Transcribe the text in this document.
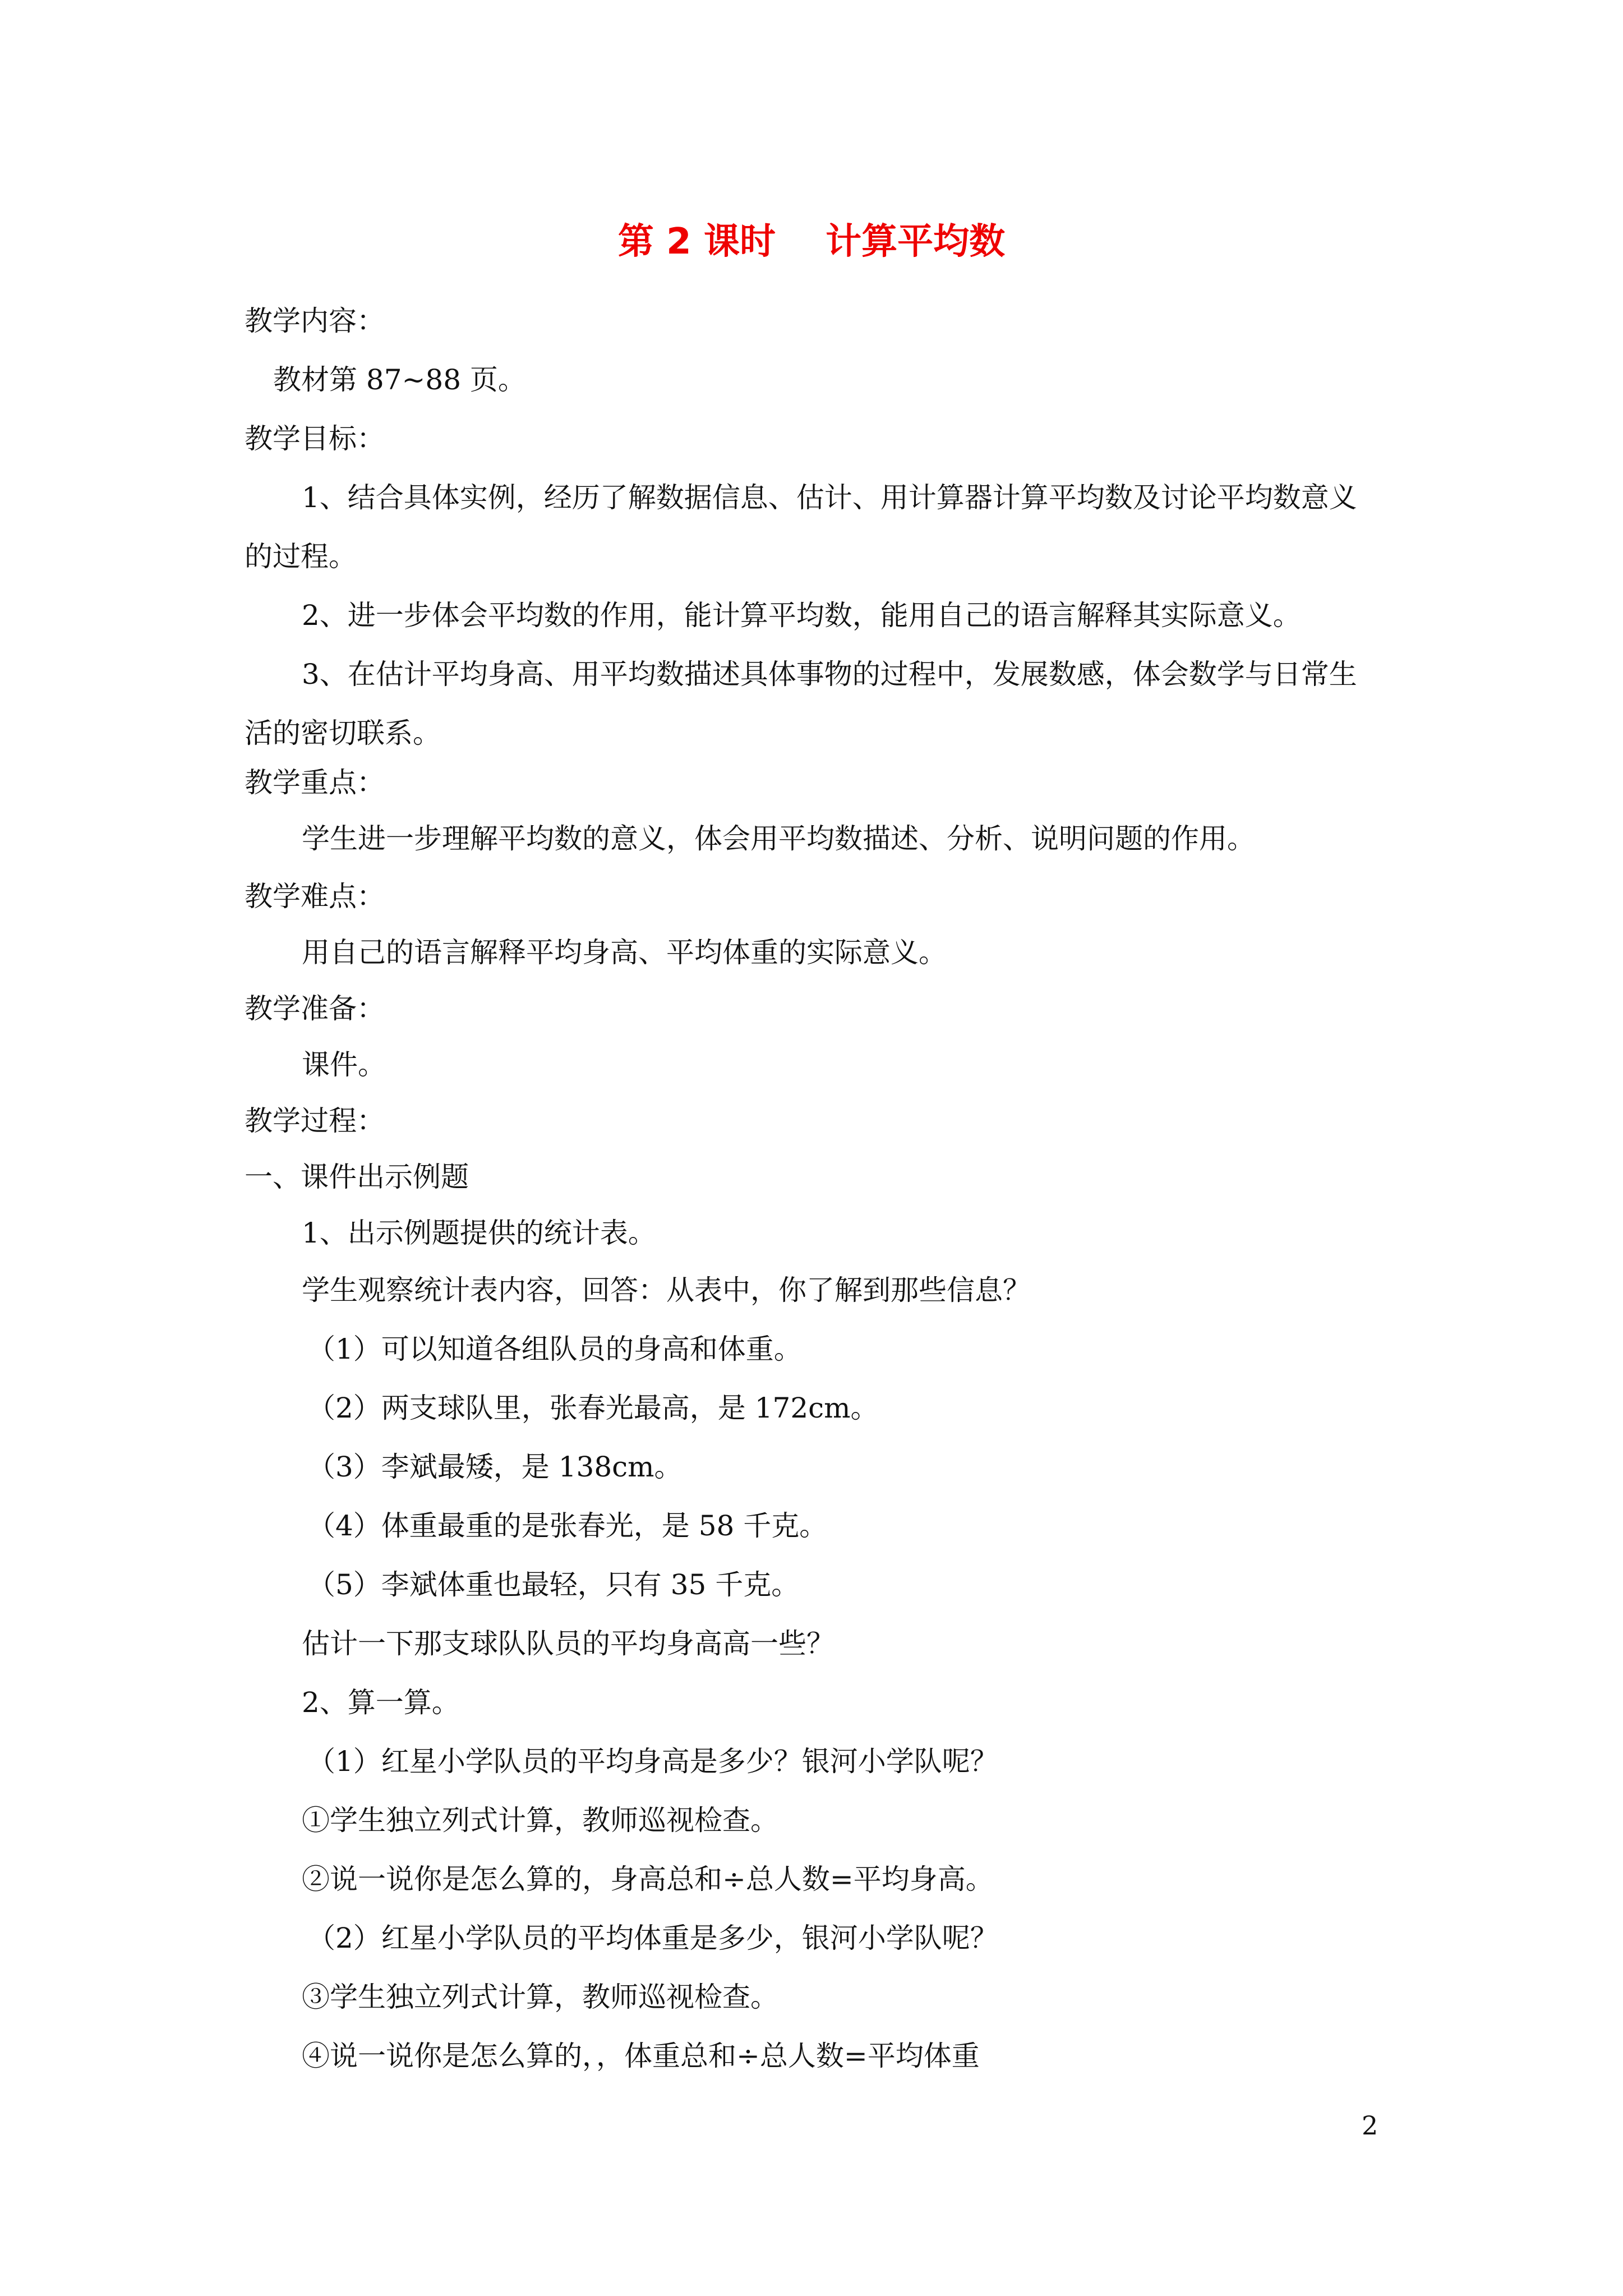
第 2 课时    计算平均数
教学内容：
教材第 87~88 页。
教学目标：
1、结合具体实例，经历了解数据信息、估计、用计算器计算平均数及讨论平均数意义
的过程。
2、进一步体会平均数的作用，能计算平均数，能用自己的语言解释其实际意义。
3、在估计平均身高、用平均数描述具体事物的过程中，发展数感，体会数学与日常生
活的密切联系。
教学重点：
学生进一步理解平均数的意义，体会用平均数描述、分析、说明问题的作用。
教学难点：
用自己的语言解释平均身高、平均体重的实际意义。
教学准备：
课件。
教学过程：
一、课件出示例题
1、出示例题提供的统计表。
学生观察统计表内容，回答：从表中，你了解到那些信息？
（1）可以知道各组队员的身高和体重。
（2）两支球队里，张春光最高，是 172cm。
（3）李斌最矮，是 138cm。
（4）体重最重的是张春光，是 58 千克。
（5）李斌体重也最轻，只有 35 千克。
估计一下那支球队队员的平均身高高一些？
2、算一算。
（1）红星小学队员的平均身高是多少？银河小学队呢？
①学生独立列式计算，教师巡视检查。
②说一说你是怎么算的，身高总和÷总人数=平均身高。
（2）红星小学队员的平均体重是多少，银河小学队呢？
③学生独立列式计算，教师巡视检查。
④说一说你是怎么算的，，体重总和÷总人数=平均体重
2
